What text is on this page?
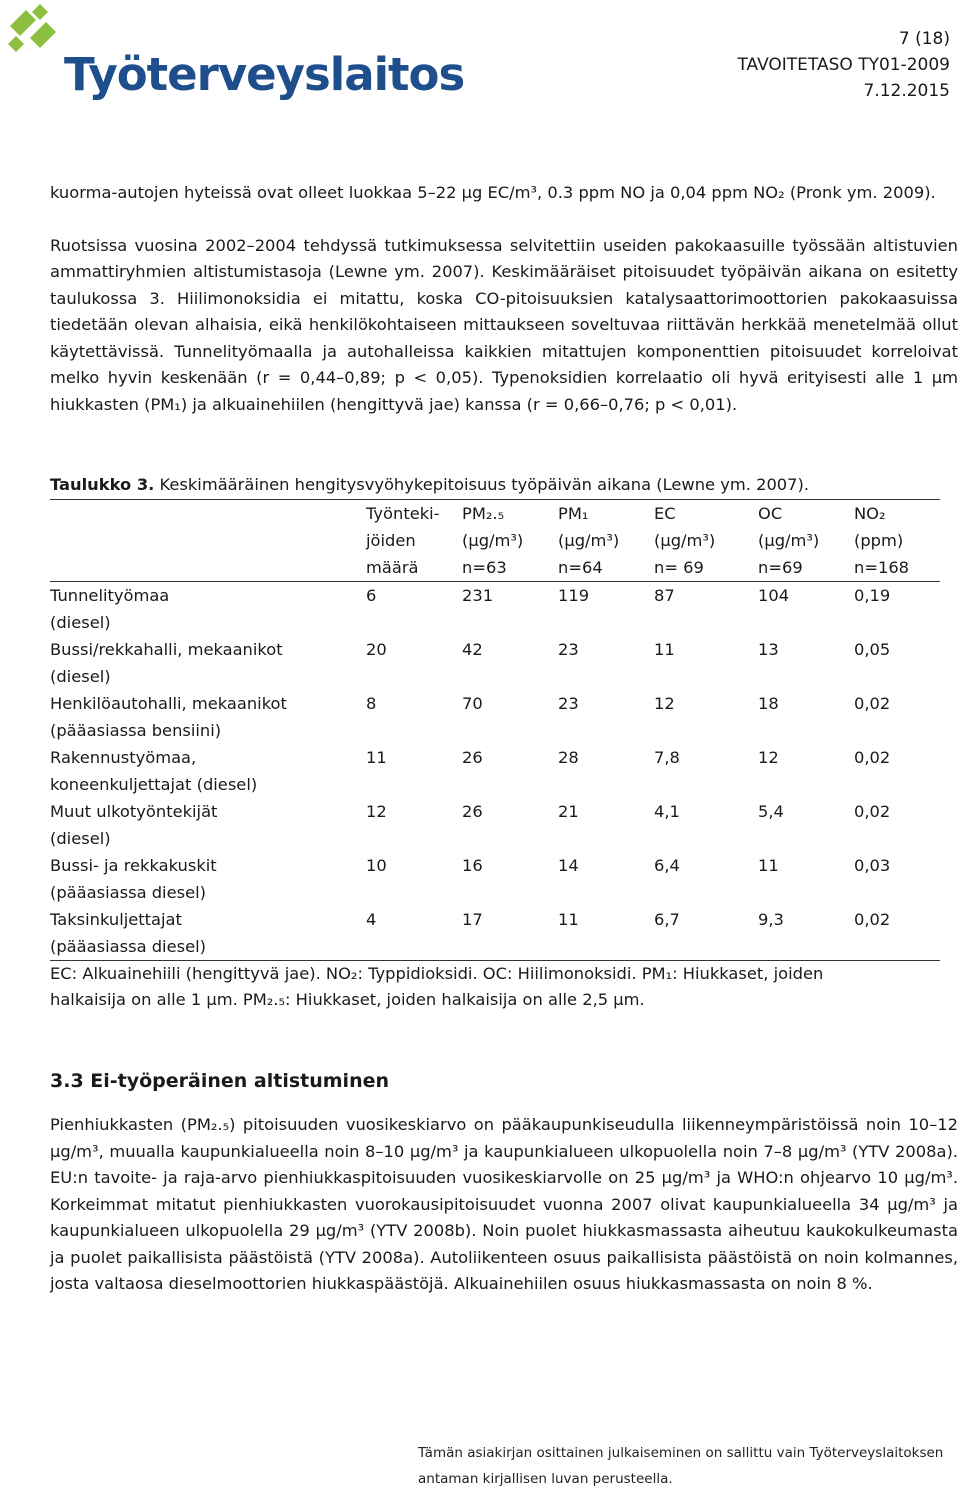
Työterveyslaitos
7 (18)
TAVOITETASO TY01-2009
7.12.2015

kuorma-autojen hyteissä ovat olleet luokkaa 5–22 µg EC/m³, 0.3 ppm NO ja 0,04 ppm NO₂ (Pronk ym. 2009).

Ruotsissa vuosina 2002–2004 tehdyssä tutkimuksessa selvitettiin useiden pakokaasuille työssään altistuvien ammattiryhmien altistumistasoja (Lewne ym. 2007). Keskimääräiset pitoisuudet työpäivän aikana on esitetty taulukossa 3. Hiilimonoksidia ei mitattu, koska CO-pitoisuuksien katalysaattorimoottorien pakokaasuissa tiedetään olevan alhaisia, eikä henkilökohtaiseen mittaukseen soveltuvaa riittävän herkkää menetelmää ollut käytettävissä. Tunnelityömaalla ja autohalleissa kaikkien mitattujen komponenttien pitoisuudet korreloivat melko hyvin keskenään (r = 0,44–0,89; p < 0,05). Typenoksidien korrelaatio oli hyvä erityisesti alle 1 µm hiukkasten (PM₁) ja alkuainehiilen (hengittyvä jae) kanssa (r = 0,66–0,76; p < 0,01).

Taulukko 3. Keskimääräinen hengitysvyöhykepitoisuus työpäivän aikana (Lewne ym. 2007).
	Työnteki-	PM₂.₅	PM₁	EC	OC	NO₂
	jöiden	(µg/m³)	(µg/m³)	(µg/m³)	(µg/m³)	(ppm)
	määrä	n=63	n=64	n= 69	n=69	n=168
Tunnelityömaa	6	231	119	87	104	0,19
(diesel)						
Bussi/rekkahalli, mekaanikot	20	42	23	11	13	0,05
(diesel)						
Henkilöautohalli, mekaanikot	8	70	23	12	18	0,02
(pääasiassa bensiini)						
Rakennustyömaa,	11	26	28	7,8	12	0,02
koneenkuljettajat (diesel)						
Muut ulkotyöntekijät	12	26	21	4,1	5,4	0,02
(diesel)						
Bussi- ja rekkakuskit	10	16	14	6,4	11	0,03
(pääasiassa diesel)						
Taksinkuljettajat	4	17	11	6,7	9,3	0,02
(pääasiassa diesel)						

EC: Alkuainehiili (hengittyvä jae). NO₂: Typpidioksidi. OC: Hiilimonoksidi. PM₁: Hiukkaset, joiden halkaisija on alle 1 µm. PM₂.₅: Hiukkaset, joiden halkaisija on alle 2,5 µm.

3.3 Ei-työperäinen altistuminen

Pienhiukkasten (PM₂.₅) pitoisuuden vuosikeskiarvo on pääkaupunkiseudulla liikenneympäristöissä noin 10–12 µg/m³, muualla kaupunkialueella noin 8–10 µg/m³ ja kaupunkialueen ulkopuolella noin 7–8 µg/m³ (YTV 2008a). EU:n tavoite- ja raja-arvo pienhiukkaspitoisuuden vuosikeskiarvolle on 25 µg/m³ ja WHO:n ohjearvo 10 µg/m³. Korkeimmat mitatut pienhiukkasten vuorokausipitoisuudet vuonna 2007 olivat kaupunkialueella 34 µg/m³ ja kaupunkialueen ulkopuolella 29 µg/m³ (YTV 2008b). Noin puolet hiukkasmassasta aiheutuu kaukokulkeumasta ja puolet paikallisista päästöistä (YTV 2008a). Autoliikenteen osuus paikallisista päästöistä on noin kolmannes, josta valtaosa dieselmoottorien hiukkaspäästöjä. Alkuainehiilen osuus hiukkasmassasta on noin 8 %.

Tämän asiakirjan osittainen julkaiseminen on sallittu vain Työterveyslaitoksen
antaman kirjallisen luvan perusteella.
